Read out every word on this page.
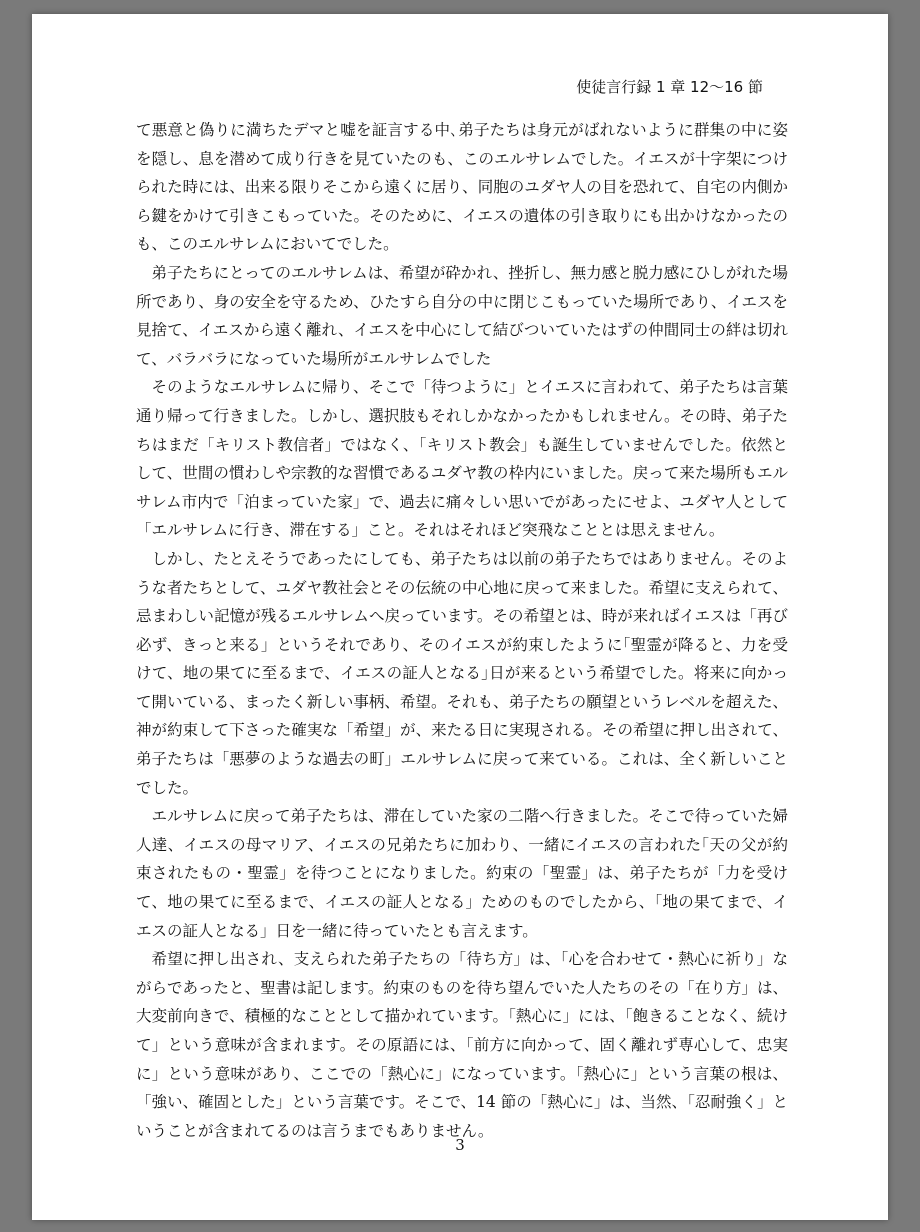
使徒言行録 1 章 12〜16 節

て悪意と偽りに満ちたデマと嘘を証言する中､弟子たちは身元がばれないように群集の中に姿を隠し、息を潜めて成り行きを見ていたのも、このエルサレムでした。イエスが十字架につけられた時には、出来る限りそこから遠くに居り、同胞のユダヤ人の目を恐れて、自宅の内側から鍵をかけて引きこもっていた。そのために、イエスの遺体の引き取りにも出かけなかったのも、このエルサレムにおいてでした。

弟子たちにとってのエルサレムは、希望が砕かれ、挫折し、無力感と脱力感にひしがれた場所であり、身の安全を守るため、ひたすら自分の中に閉じこもっていた場所であり、イエスを見捨て、イエスから遠く離れ、イエスを中心にして結びついていたはずの仲間同士の絆は切れて、バラバラになっていた場所がエルサレムでした

そのようなエルサレムに帰り、そこで「待つように」とイエスに言われて、弟子たちは言葉通り帰って行きました。しかし、選択肢もそれしかなかったかもしれません。その時、弟子たちはまだ「キリスト教信者」ではなく、｢キリスト教会」も誕生していませんでした。依然として、世間の慣わしや宗教的な習慣であるユダヤ教の枠内にいました。戻って来た場所もエルサレム市内で「泊まっていた家」で、過去に痛々しい思いでがあったにせよ、ユダヤ人として「エルサレムに行き、滞在する」こと。それはそれほど突飛なこととは思えません。

しかし、たとえそうであったにしても、弟子たちは以前の弟子たちではありません。そのような者たちとして、ユダヤ教社会とその伝統の中心地に戻って来ました。希望に支えられて、忌まわしい記憶が残るエルサレムへ戻っています。その希望とは、時が来ればイエスは「再び必ず、きっと来る」というそれであり、そのイエスが約束したように｢聖霊が降ると、力を受けて、地の果てに至るまで、イエスの証人となる｣日が来るという希望でした。将来に向かって開いている、まったく新しい事柄、希望。それも、弟子たちの願望というレベルを超えた、神が約束して下さった確実な「希望」が、来たる日に実現される。その希望に押し出されて、弟子たちは「悪夢のような過去の町」エルサレムに戻って来ている。これは、全く新しいことでした。

エルサレムに戻って弟子たちは、滞在していた家の二階へ行きました。そこで待っていた婦人達、イエスの母マリア、イエスの兄弟たちに加わり、一緒にイエスの言われた｢天の父が約束されたもの・聖霊」を待つことになりました。約束の「聖霊」は、弟子たちが「力を受けて、地の果てに至るまで、イエスの証人となる」ためのものでしたから、｢地の果てまで、イエスの証人となる」日を一緒に待っていたとも言えます。

希望に押し出され、支えられた弟子たちの「待ち方」は、｢心を合わせて・熱心に祈り」ながらであったと、聖書は記します。約束のものを待ち望んでいた人たちのその「在り方」は、大変前向きで、積極的なこととして描かれています。｢熱心に」には、｢飽きることなく、続けて」という意味が含まれます。その原語には、｢前方に向かって、固く離れず専心して、忠実に」という意味があり、ここでの「熱心に」になっています。｢熱心に」という言葉の根は、「強い、確固とした」という言葉です。そこで、14 節の「熱心に」は、当然、「忍耐強く」ということが含まれてるのは言うまでもありません。

3
